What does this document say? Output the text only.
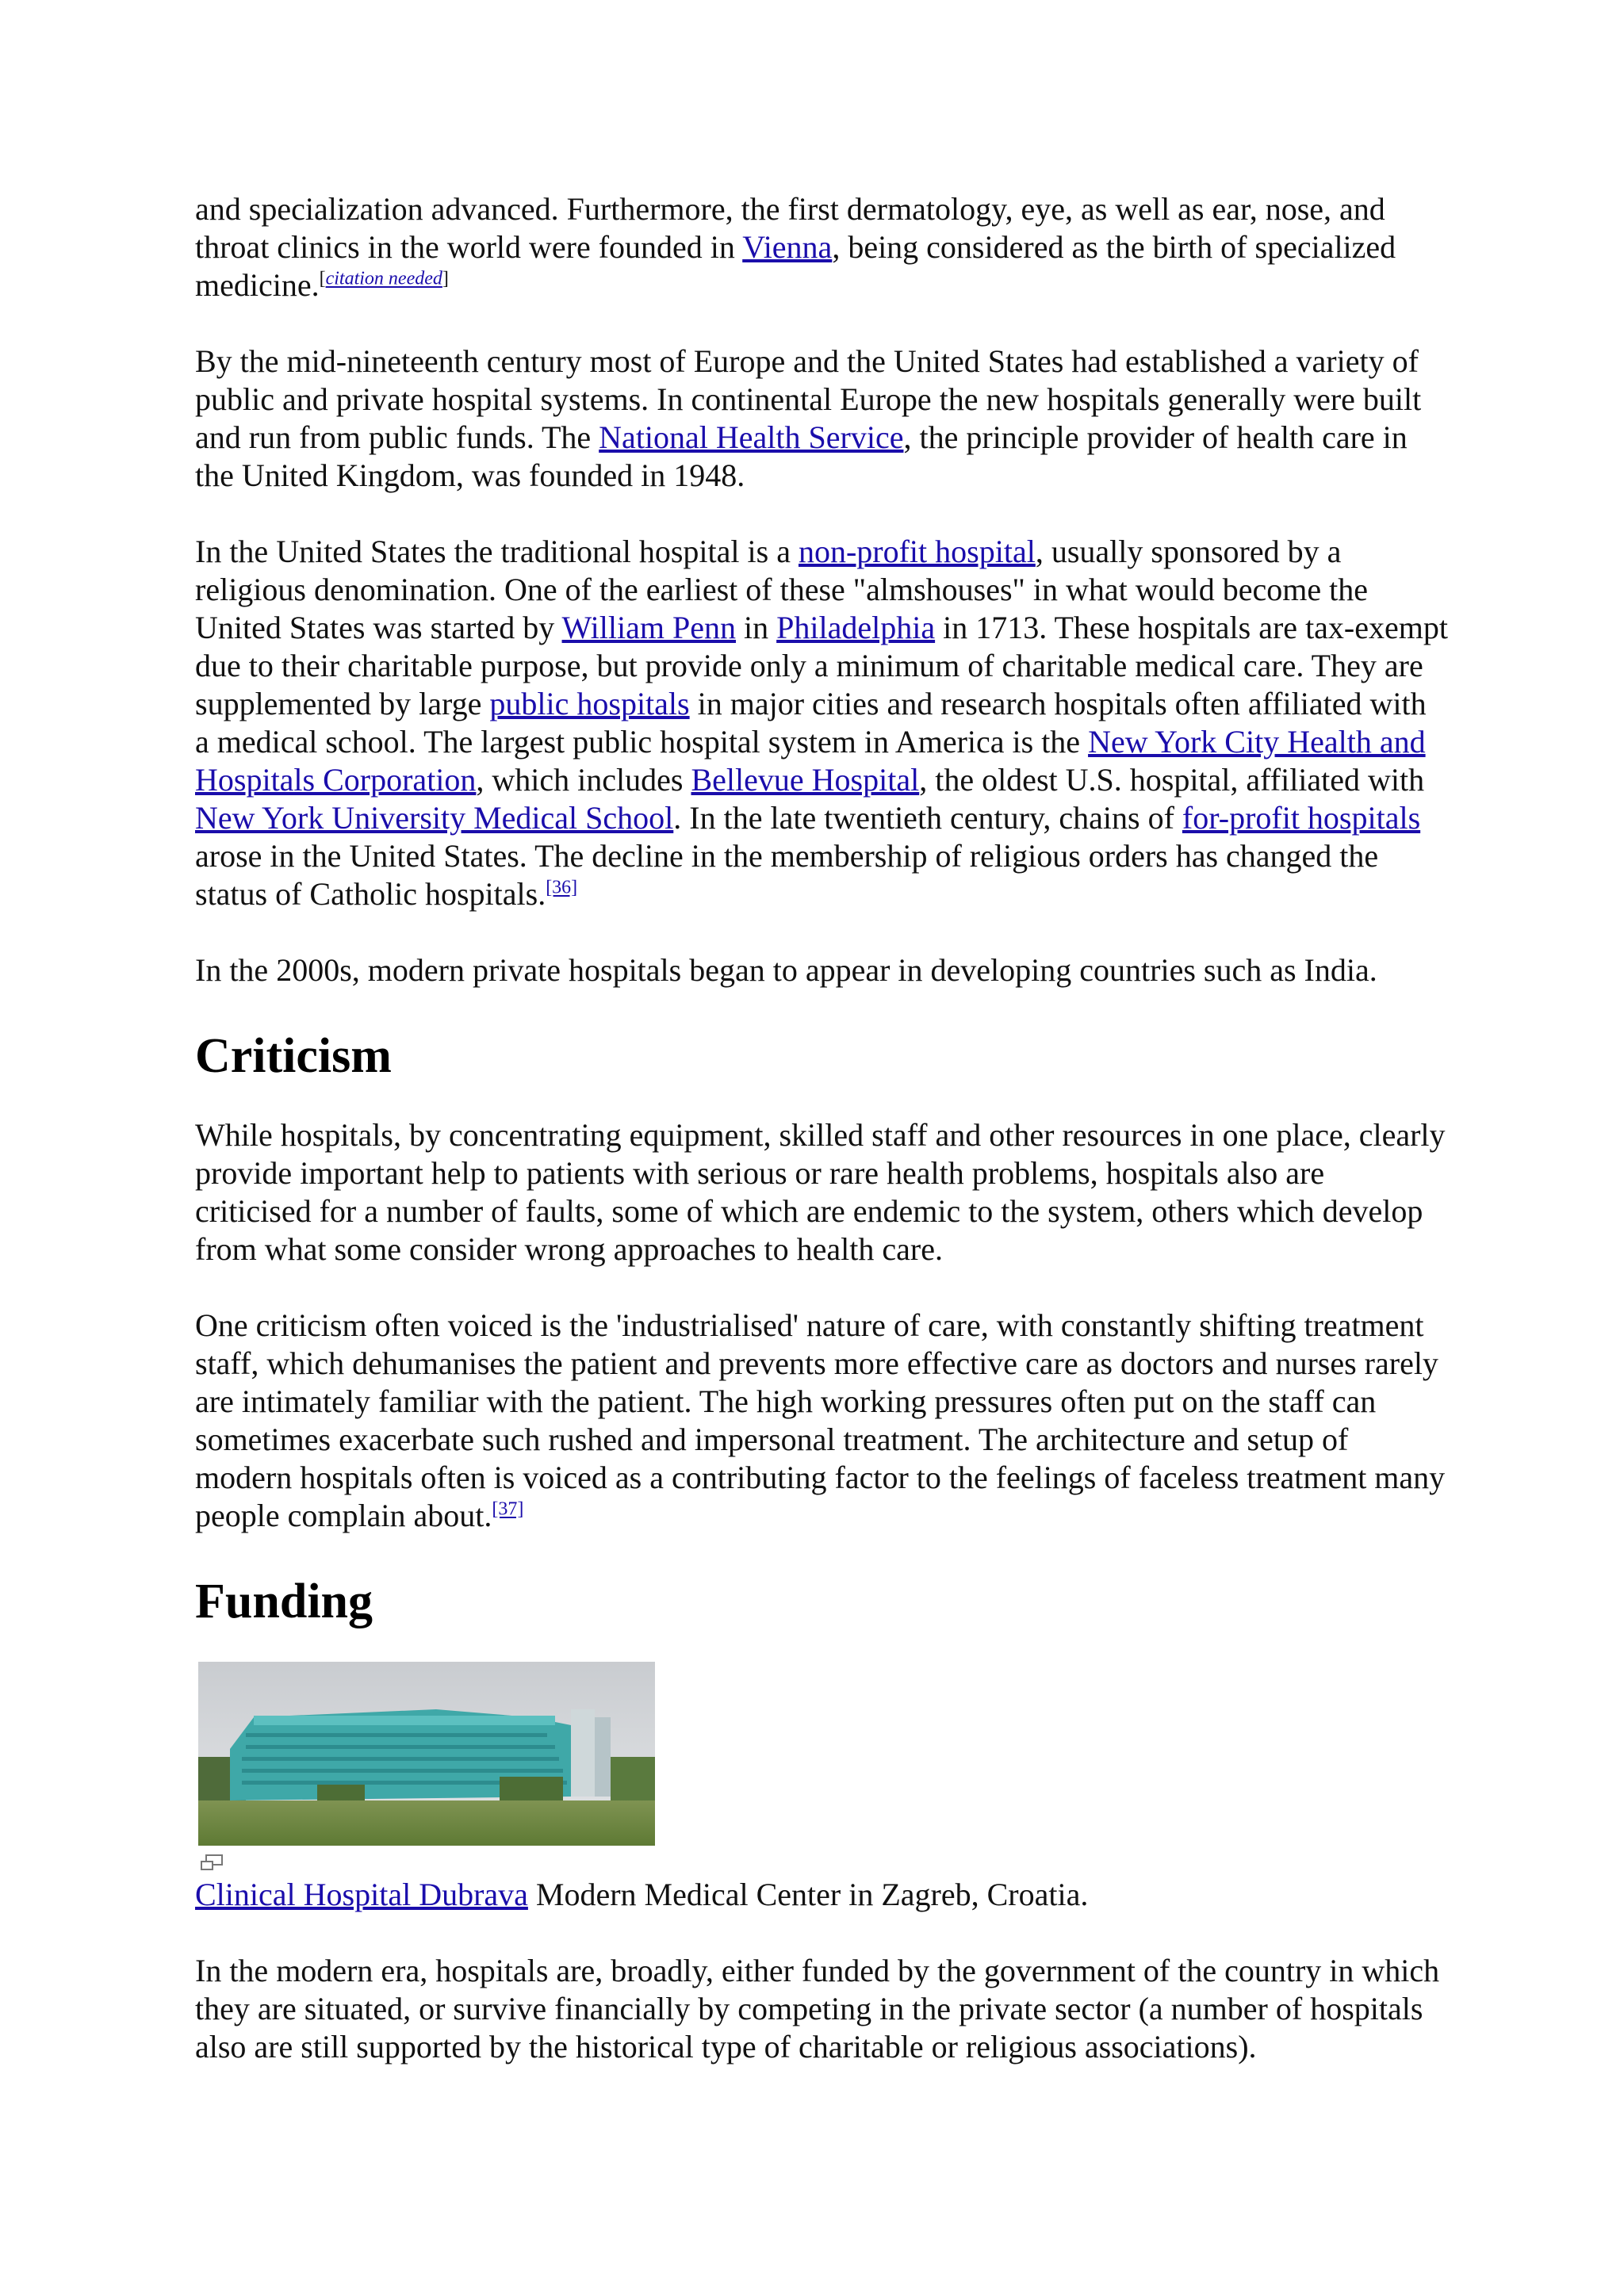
and specialization advanced. Furthermore, the first dermatology, eye, as well as ear, nose, and throat clinics in the world were founded in Vienna, being considered as the birth of specialized medicine.[citation needed]

By the mid-nineteenth century most of Europe and the United States had established a variety of public and private hospital systems. In continental Europe the new hospitals generally were built and run from public funds. The National Health Service, the principle provider of health care in the United Kingdom, was founded in 1948.

In the United States the traditional hospital is a non-profit hospital, usually sponsored by a religious denomination. One of the earliest of these "almshouses" in what would become the United States was started by William Penn in Philadelphia in 1713. These hospitals are tax-exempt due to their charitable purpose, but provide only a minimum of charitable medical care. They are supplemented by large public hospitals in major cities and research hospitals often affiliated with a medical school. The largest public hospital system in America is the New York City Health and Hospitals Corporation, which includes Bellevue Hospital, the oldest U.S. hospital, affiliated with New York University Medical School. In the late twentieth century, chains of for-profit hospitals arose in the United States. The decline in the membership of religious orders has changed the status of Catholic hospitals.[36]

In the 2000s, modern private hospitals began to appear in developing countries such as India.

Criticism

While hospitals, by concentrating equipment, skilled staff and other resources in one place, clearly provide important help to patients with serious or rare health problems, hospitals also are criticised for a number of faults, some of which are endemic to the system, others which develop from what some consider wrong approaches to health care.

One criticism often voiced is the 'industrialised' nature of care, with constantly shifting treatment staff, which dehumanises the patient and prevents more effective care as doctors and nurses rarely are intimately familiar with the patient. The high working pressures often put on the staff can sometimes exacerbate such rushed and impersonal treatment. The architecture and setup of modern hospitals often is voiced as a contributing factor to the feelings of faceless treatment many people complain about.[37]

Funding

Clinical Hospital Dubrava Modern Medical Center in Zagreb, Croatia.

In the modern era, hospitals are, broadly, either funded by the government of the country in which they are situated, or survive financially by competing in the private sector (a number of hospitals also are still supported by the historical type of charitable or religious associations).
